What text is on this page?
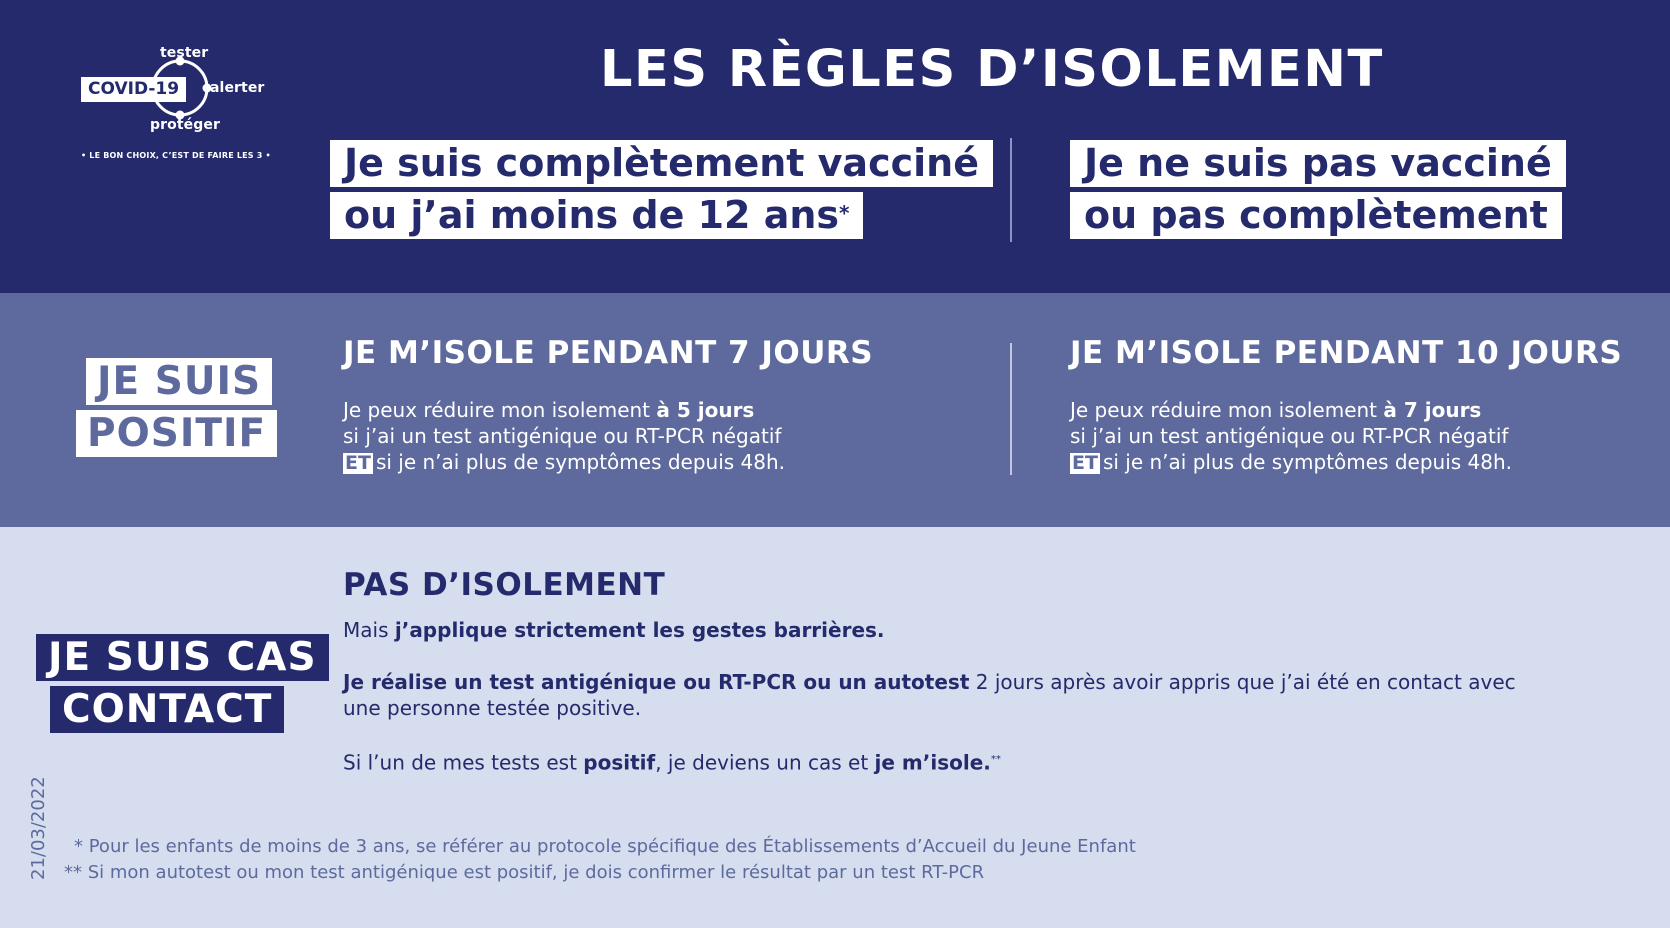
tester
alerter
protéger
COVID-19
• LE BON CHOIX, C’EST DE FAIRE LES 3 •
LES RÈGLES D’ISOLEMENT
Je suis complètement vacciné
ou j’ai moins de 12 ans*
Je ne suis pas vacciné
ou pas complètement
JE SUIS
POSITIF
JE M’ISOLE PENDANT 7 JOURS
Je peux réduire mon isolement à 5 jours
si j’ai un test antigénique ou RT-PCR négatif
ET si je n’ai plus de symptômes depuis 48h.
JE M’ISOLE PENDANT 10 JOURS
Je peux réduire mon isolement à 7 jours
si j’ai un test antigénique ou RT-PCR négatif
ET si je n’ai plus de symptômes depuis 48h.
JE SUIS CAS
CONTACT
PAS D’ISOLEMENT
Mais j’applique strictement les gestes barrières.
Je réalise un test antigénique ou RT-PCR ou un autotest 2 jours après avoir appris que j’ai été en contact avec
une personne testée positive.
Si l’un de mes tests est positif, je deviens un cas et je m’isole.**
* Pour les enfants de moins de 3 ans, se référer au protocole spécifique des Établissements d’Accueil du Jeune Enfant
** Si mon autotest ou mon test antigénique est positif, je dois confirmer le résultat par un test RT-PCR
21/03/2022
